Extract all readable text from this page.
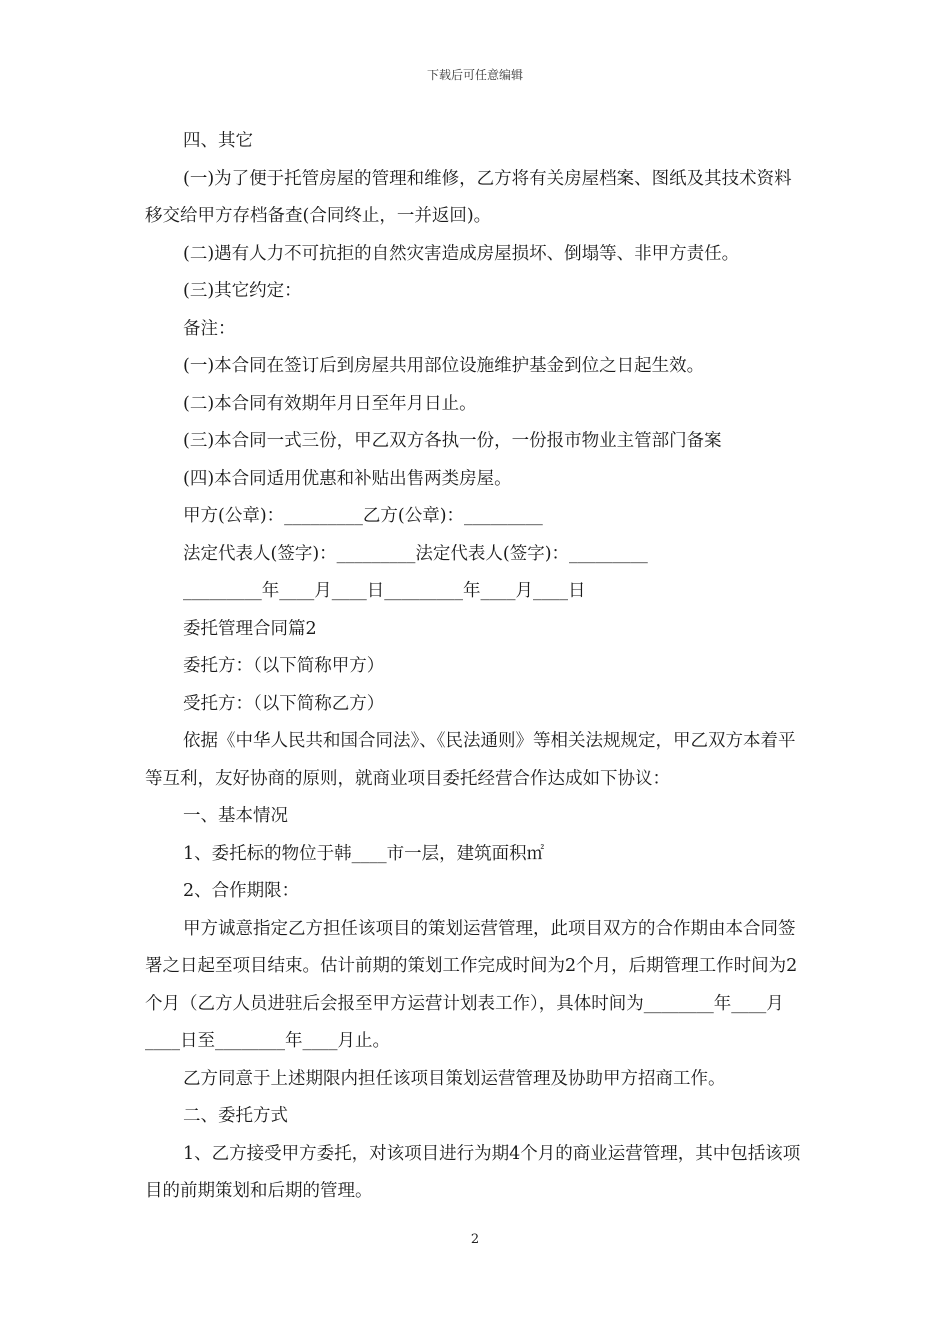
下载后可任意编辑

四、其它

(一)为了便于托管房屋的管理和维修，乙方将有关房屋档案、图纸及其技术资料移交给甲方存档备查(合同终止，一并返回)。

(二)遇有人力不可抗拒的自然灾害造成房屋损坏、倒塌等、非甲方责任。

(三)其它约定：

备注：

(一)本合同在签订后到房屋共用部位设施维护基金到位之日起生效。

(二)本合同有效期年月日至年月日止。

(三)本合同一式三份，甲乙双方各执一份，一份报市物业主管部门备案

(四)本合同适用优惠和补贴出售两类房屋。

甲方(公章)：_________乙方(公章)：_________

法定代表人(签字)：_________法定代表人(签字)：_________

_________年____月____日_________年____月____日

委托管理合同篇2

委托方：（以下简称甲方）

受托方：（以下简称乙方）

依据《中华人民共和国合同法》、《民法通则》等相关法规规定，甲乙双方本着平等互利，友好协商的原则，就商业项目委托经营合作达成如下协议：

一、基本情况

1、委托标的物位于韩____市一层，建筑面积㎡

2、合作期限：

甲方诚意指定乙方担任该项目的策划运营管理，此项目双方的合作期由本合同签署之日起至项目结束。估计前期的策划工作完成时间为2个月，后期管理工作时间为2个月（乙方人员进驻后会报至甲方运营计划表工作），具体时间为________年____月____日至________年____月止。

乙方同意于上述期限内担任该项目策划运营管理及协助甲方招商工作。

二、委托方式

1、乙方接受甲方委托，对该项目进行为期4个月的商业运营管理，其中包括该项目的前期策划和后期的管理。

2
